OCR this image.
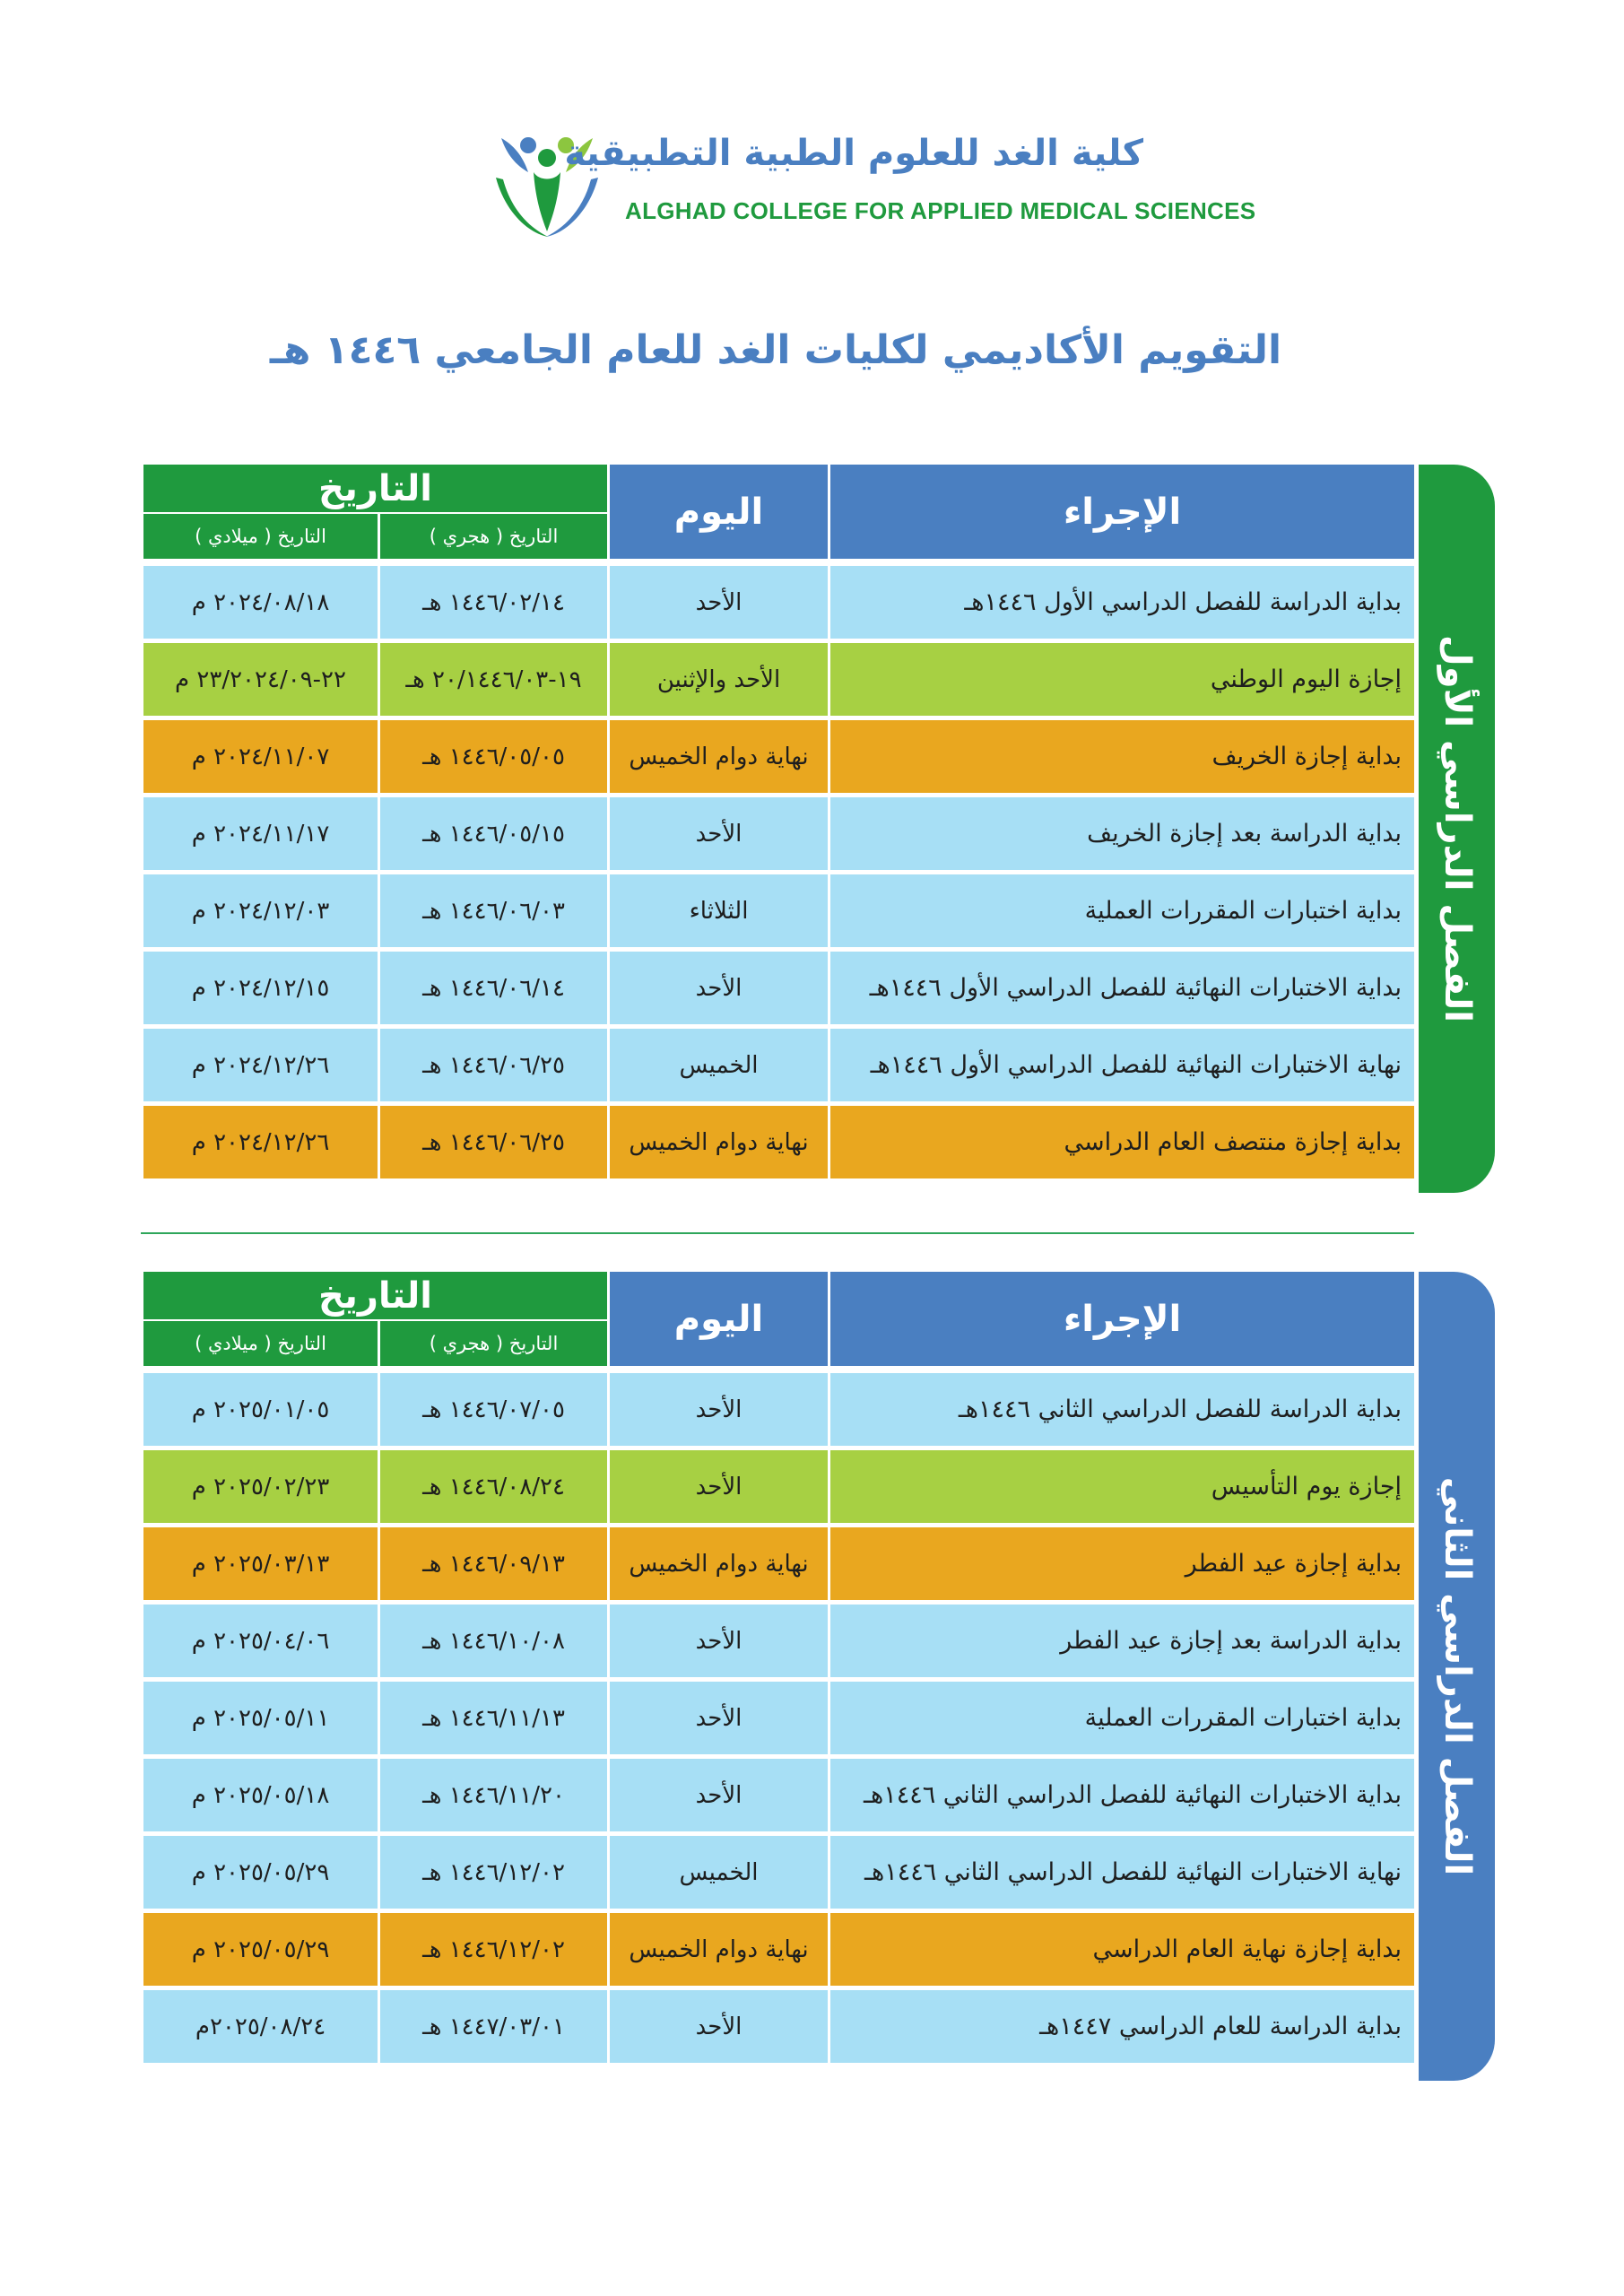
كلية الغد للعلوم الطبية التطبيقية
ALGHAD COLLEGE FOR APPLIED MEDICAL SCIENCES
التقويم الأكاديمي لكليات الغد للعام الجامعي ١٤٤٦ هـ
الفصل الدراسي الأول
الإجراء	اليوم	التاريخ	
		التاريخ ( هجري )	التاريخ ( ميلادي )
بداية الدراسة للفصل الدراسي الأول ١٤٤٦هـ	الأحد	١٤٤٦/٠٢/١٤ هـ	٢٠٢٤/٠٨/١٨ م
إجازة اليوم الوطني	الأحد والإثنين	١٩-٢٠/١٤٤٦/٠٣ هـ	٢٢-٢٣/٢٠٢٤/٠٩ م
بداية إجازة الخريف	نهاية دوام الخميس	١٤٤٦/٠٥/٠٥ هـ	٢٠٢٤/١١/٠٧ م
بداية الدراسة بعد إجازة الخريف	الأحد	١٤٤٦/٠٥/١٥ هـ	٢٠٢٤/١١/١٧ م
بداية اختبارات المقررات العملية	الثلاثاء	١٤٤٦/٠٦/٠٣ هـ	٢٠٢٤/١٢/٠٣ م
بداية الاختبارات النهائية للفصل الدراسي الأول ١٤٤٦هـ	الأحد	١٤٤٦/٠٦/١٤ هـ	٢٠٢٤/١٢/١٥ م
نهاية الاختبارات النهائية للفصل الدراسي الأول ١٤٤٦هـ	الخميس	١٤٤٦/٠٦/٢٥ هـ	٢٠٢٤/١٢/٢٦ م
بداية إجازة منتصف العام الدراسي	نهاية دوام الخميس	١٤٤٦/٠٦/٢٥ هـ	٢٠٢٤/١٢/٢٦ م
الفصل الدراسي الثاني
الإجراء	اليوم	التاريخ	
		التاريخ ( هجري )	التاريخ ( ميلادي )
بداية الدراسة للفصل الدراسي الثاني ١٤٤٦هـ	الأحد	١٤٤٦/٠٧/٠٥ هـ	٢٠٢٥/٠١/٠٥ م
إجازة يوم التأسيس	الأحد	١٤٤٦/٠٨/٢٤ هـ	٢٠٢٥/٠٢/٢٣ م
بداية إجازة عيد الفطر	نهاية دوام الخميس	١٤٤٦/٠٩/١٣ هـ	٢٠٢٥/٠٣/١٣ م
بداية الدراسة بعد إجازة عيد الفطر	الأحد	١٤٤٦/١٠/٠٨ هـ	٢٠٢٥/٠٤/٠٦ م
بداية اختبارات المقررات العملية	الأحد	١٤٤٦/١١/١٣ هـ	٢٠٢٥/٠٥/١١ م
بداية الاختبارات النهائية للفصل الدراسي الثاني ١٤٤٦هـ	الأحد	١٤٤٦/١١/٢٠ هـ	٢٠٢٥/٠٥/١٨ م
نهاية الاختبارات النهائية للفصل الدراسي الثاني ١٤٤٦هـ	الخميس	١٤٤٦/١٢/٠٢ هـ	٢٠٢٥/٠٥/٢٩ م
بداية إجازة نهاية العام الدراسي	نهاية دوام الخميس	١٤٤٦/١٢/٠٢ هـ	٢٠٢٥/٠٥/٢٩ م
بداية الدراسة للعام الدراسي ١٤٤٧هـ	الأحد	١٤٤٧/٠٣/٠١ هـ	٢٠٢٥/٠٨/٢٤م
